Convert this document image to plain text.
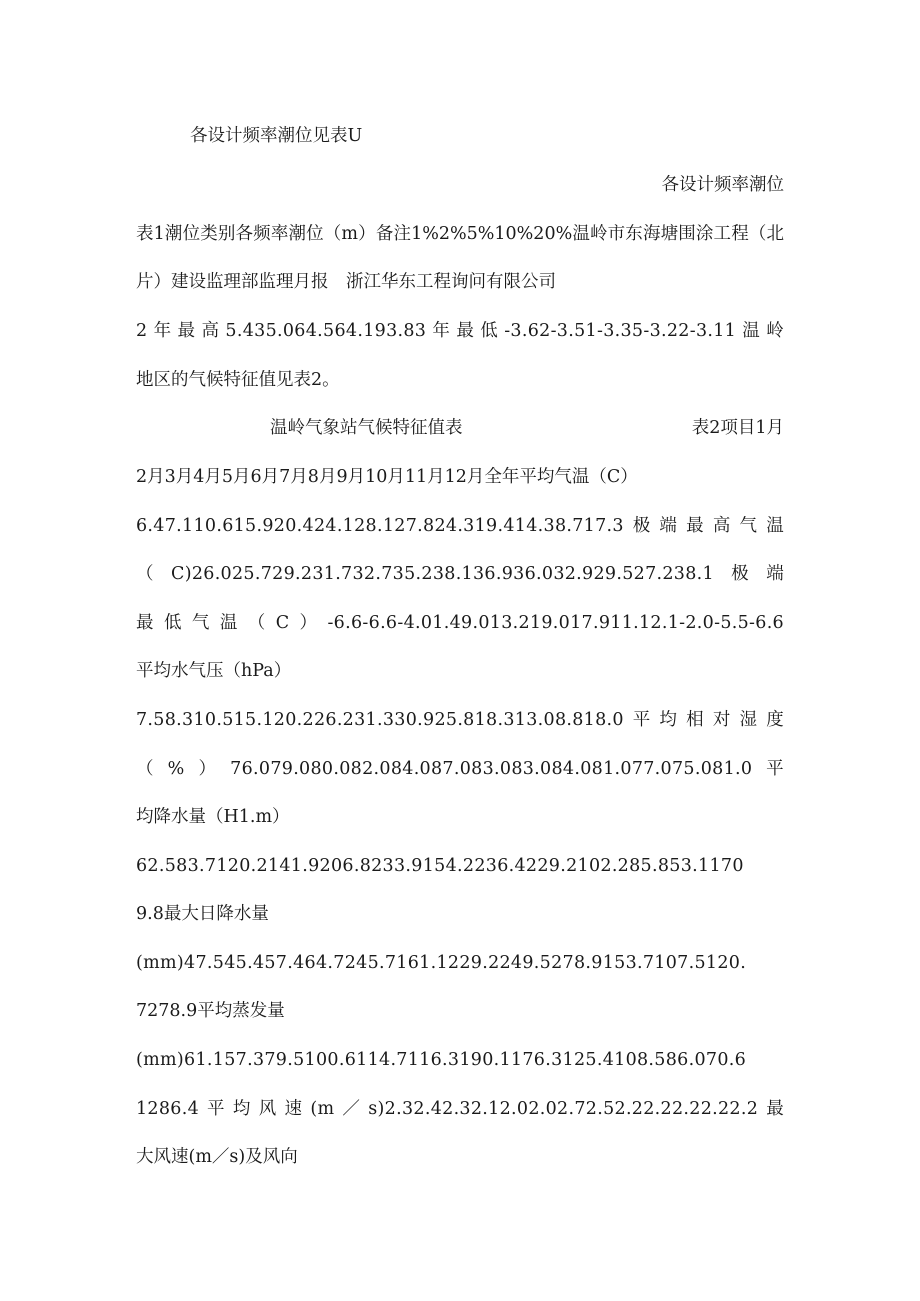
各设计频率潮位见表U
各设计频率潮位
表1潮位类别各频率潮位（m）备注1%2%5%10%20%温岭市东海塘围涂工程（北
片）建设监理部监理月报　浙江华东工程询问有限公司
2年最高5.435.064.564.193.83年最低-3.62-3.51-3.35-3.22-3.11温岭
地区的气候特征值见表2。
温岭气象站气候特征值表	表2项目1月
2月3月4月5月6月7月8月9月10月11月12月全年平均气温（C）
6.47.110.615.920.424.128.127.824.319.414.38.717.3极端最高气温
（C)26.025.729.231.732.735.238.136.936.032.929.527.238.1极端
最低气温（C）-6.6-6.6-4.01.49.013.219.017.911.12.1-2.0-5.5-6.6
平均水气压（hPa）
7.58.310.515.120.226.231.330.925.818.313.08.818.0平均相对湿度
（%）76.079.080.082.084.087.083.083.084.081.077.075.081.0平
均降水量（H1.m）
62.583.7120.2141.9206.8233.9154.2236.4229.2102.285.853.1170
9.8最大日降水量
(mm)47.545.457.464.7245.7161.1229.2249.5278.9153.7107.5120.
7278.9平均蒸发量
(mm)61.157.379.5100.6114.7116.3190.1176.3125.4108.586.070.6
1286.4平均风速(m／s)2.32.42.32.12.02.02.72.52.22.22.22.22.2最
大风速(m／s)及风向
